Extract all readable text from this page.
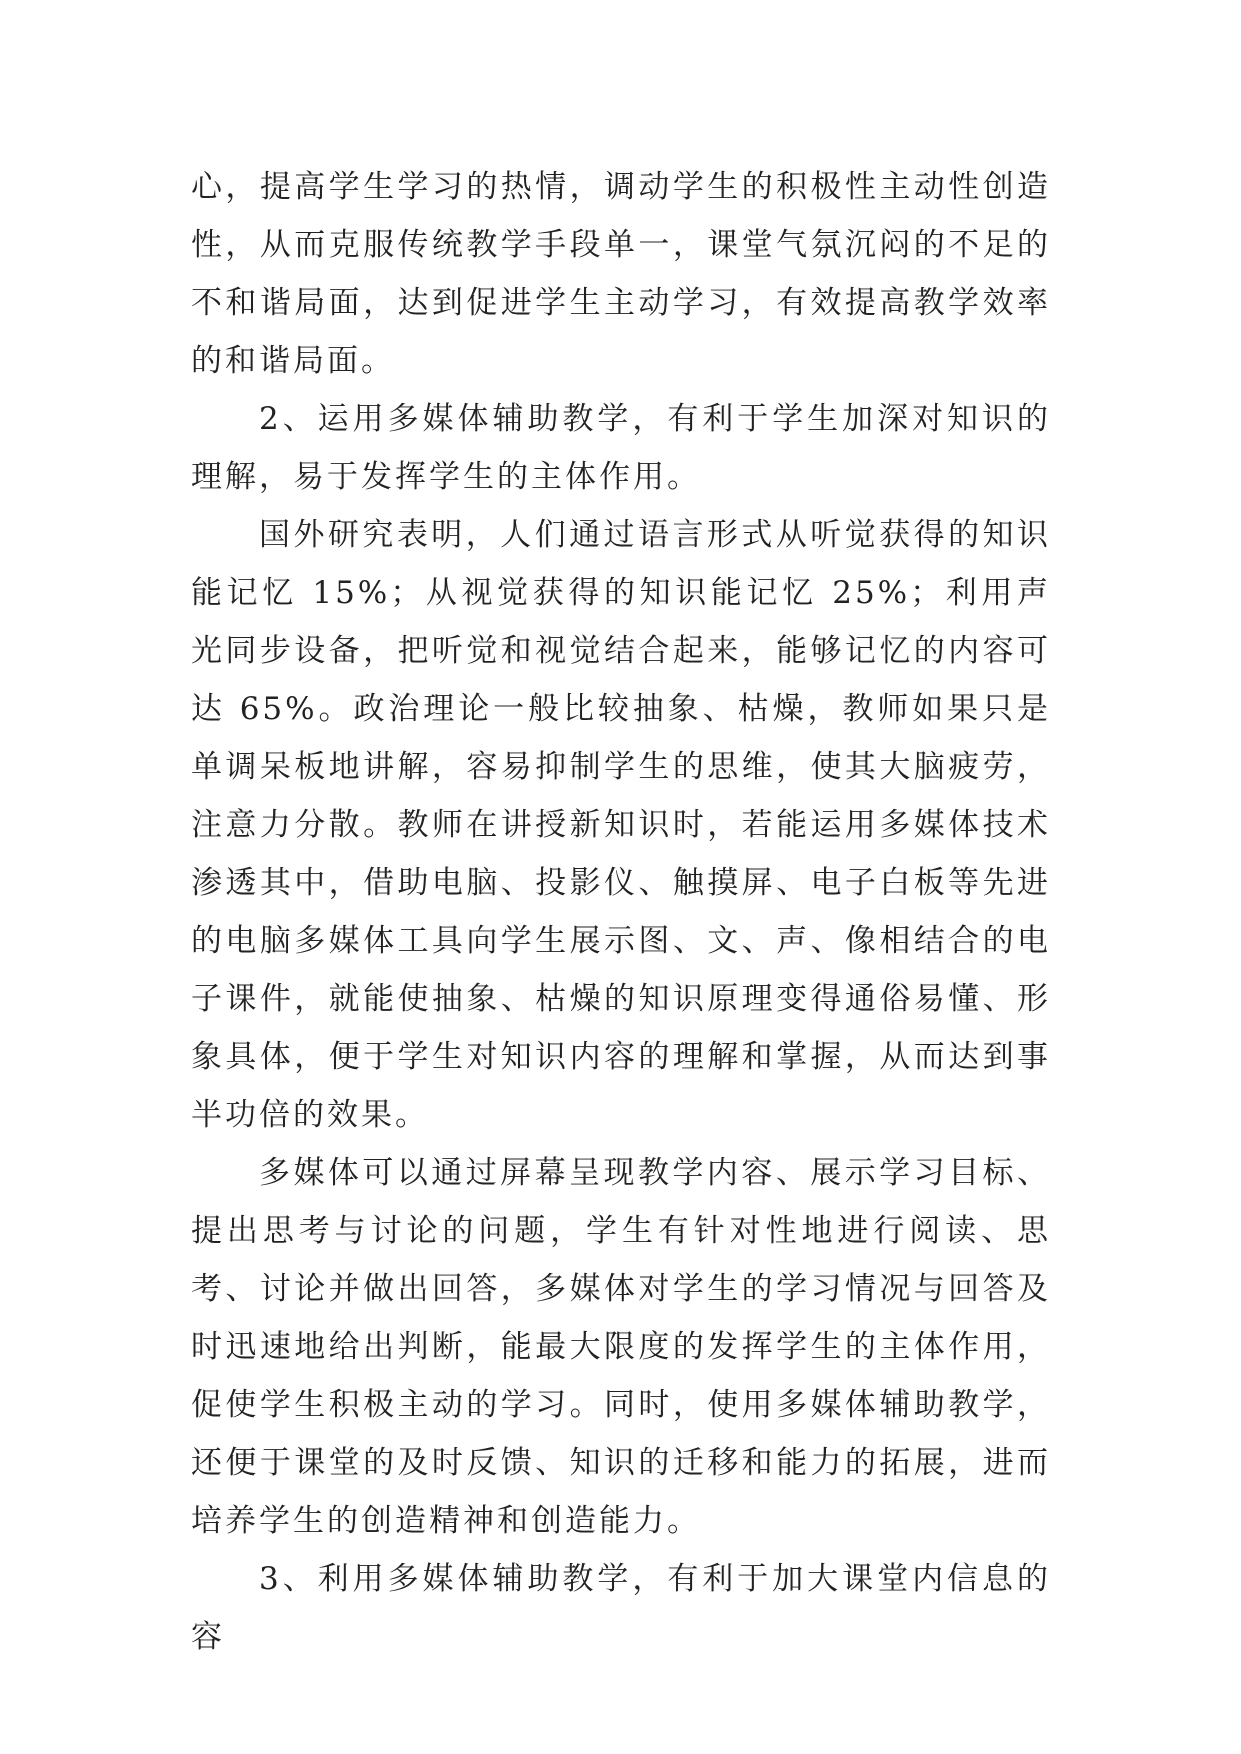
心，提高学生学习的热情，调动学生的积极性主动性创造性，从而克服传统教学手段单一，课堂气氛沉闷的不足的不和谐局面，达到促进学生主动学习，有效提高教学效率的和谐局面。

2、运用多媒体辅助教学，有利于学生加深对知识的理解，易于发挥学生的主体作用。

国外研究表明，人们通过语言形式从听觉获得的知识能记忆 15%；从视觉获得的知识能记忆 25%；利用声光同步设备，把听觉和视觉结合起来，能够记忆的内容可达 65%。政治理论一般比较抽象、枯燥，教师如果只是单调呆板地讲解，容易抑制学生的思维，使其大脑疲劳，注意力分散。教师在讲授新知识时，若能运用多媒体技术渗透其中，借助电脑、投影仪、触摸屏、电子白板等先进的电脑多媒体工具向学生展示图、文、声、像相结合的电子课件，就能使抽象、枯燥的知识原理变得通俗易懂、形象具体，便于学生对知识内容的理解和掌握，从而达到事半功倍的效果。

多媒体可以通过屏幕呈现教学内容、展示学习目标、提出思考与讨论的问题，学生有针对性地进行阅读、思考、讨论并做出回答，多媒体对学生的学习情况与回答及时迅速地给出判断，能最大限度的发挥学生的主体作用，促使学生积极主动的学习。同时，使用多媒体辅助教学，还便于课堂的及时反馈、知识的迁移和能力的拓展，进而培养学生的创造精神和创造能力。

3、利用多媒体辅助教学，有利于加大课堂内信息的容
